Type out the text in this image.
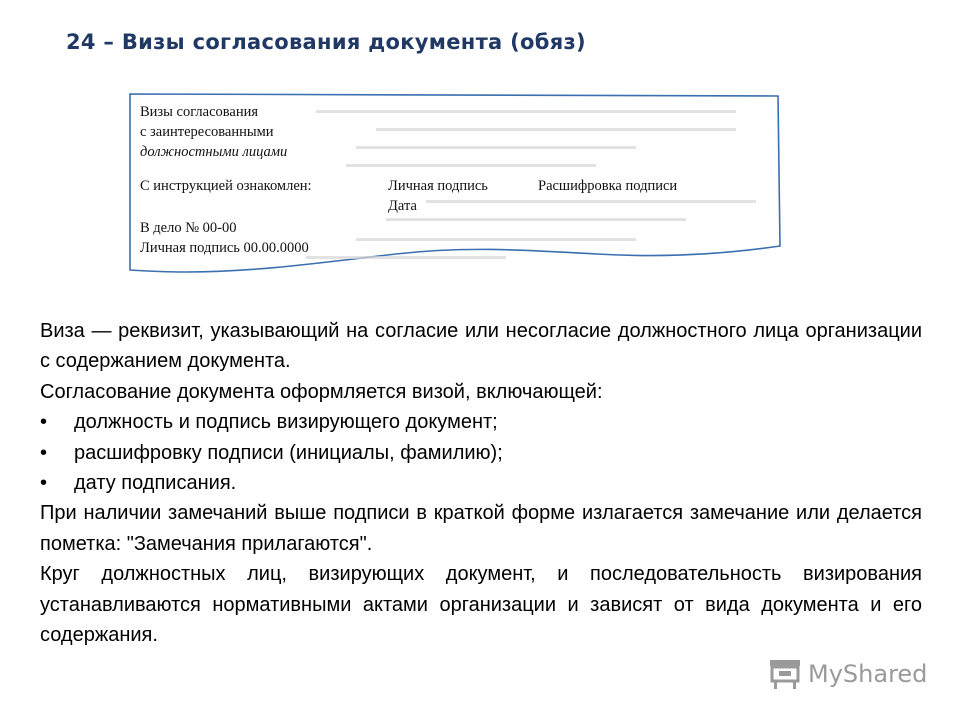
24 – Визы согласования документа (обяз)
Визы согласования
с заинтересованными
должностными лицами
С инструкцией ознакомлен:	Личная подпись	Расшифровка подписи
Дата
В дело № 00-00
Личная подпись 00.00.0000

Виза — реквизит, указывающий на согласие или несогласие должностного лица организации с содержанием документа.

Согласование документа оформляется визой, включающей:

•	должность и подпись визирующего документ;
•	расшифровку подписи (инициалы, фамилию);
•	дату подписания.

При наличии замечаний выше подписи в краткой форме излагается замечание или делается пометка: "Замечания прилагаются".

Круг должностных лиц, визирующих документ, и последовательность визирования устанавливаются нормативными актами организации и зависят от вида документа и его содержания.

MyShared
